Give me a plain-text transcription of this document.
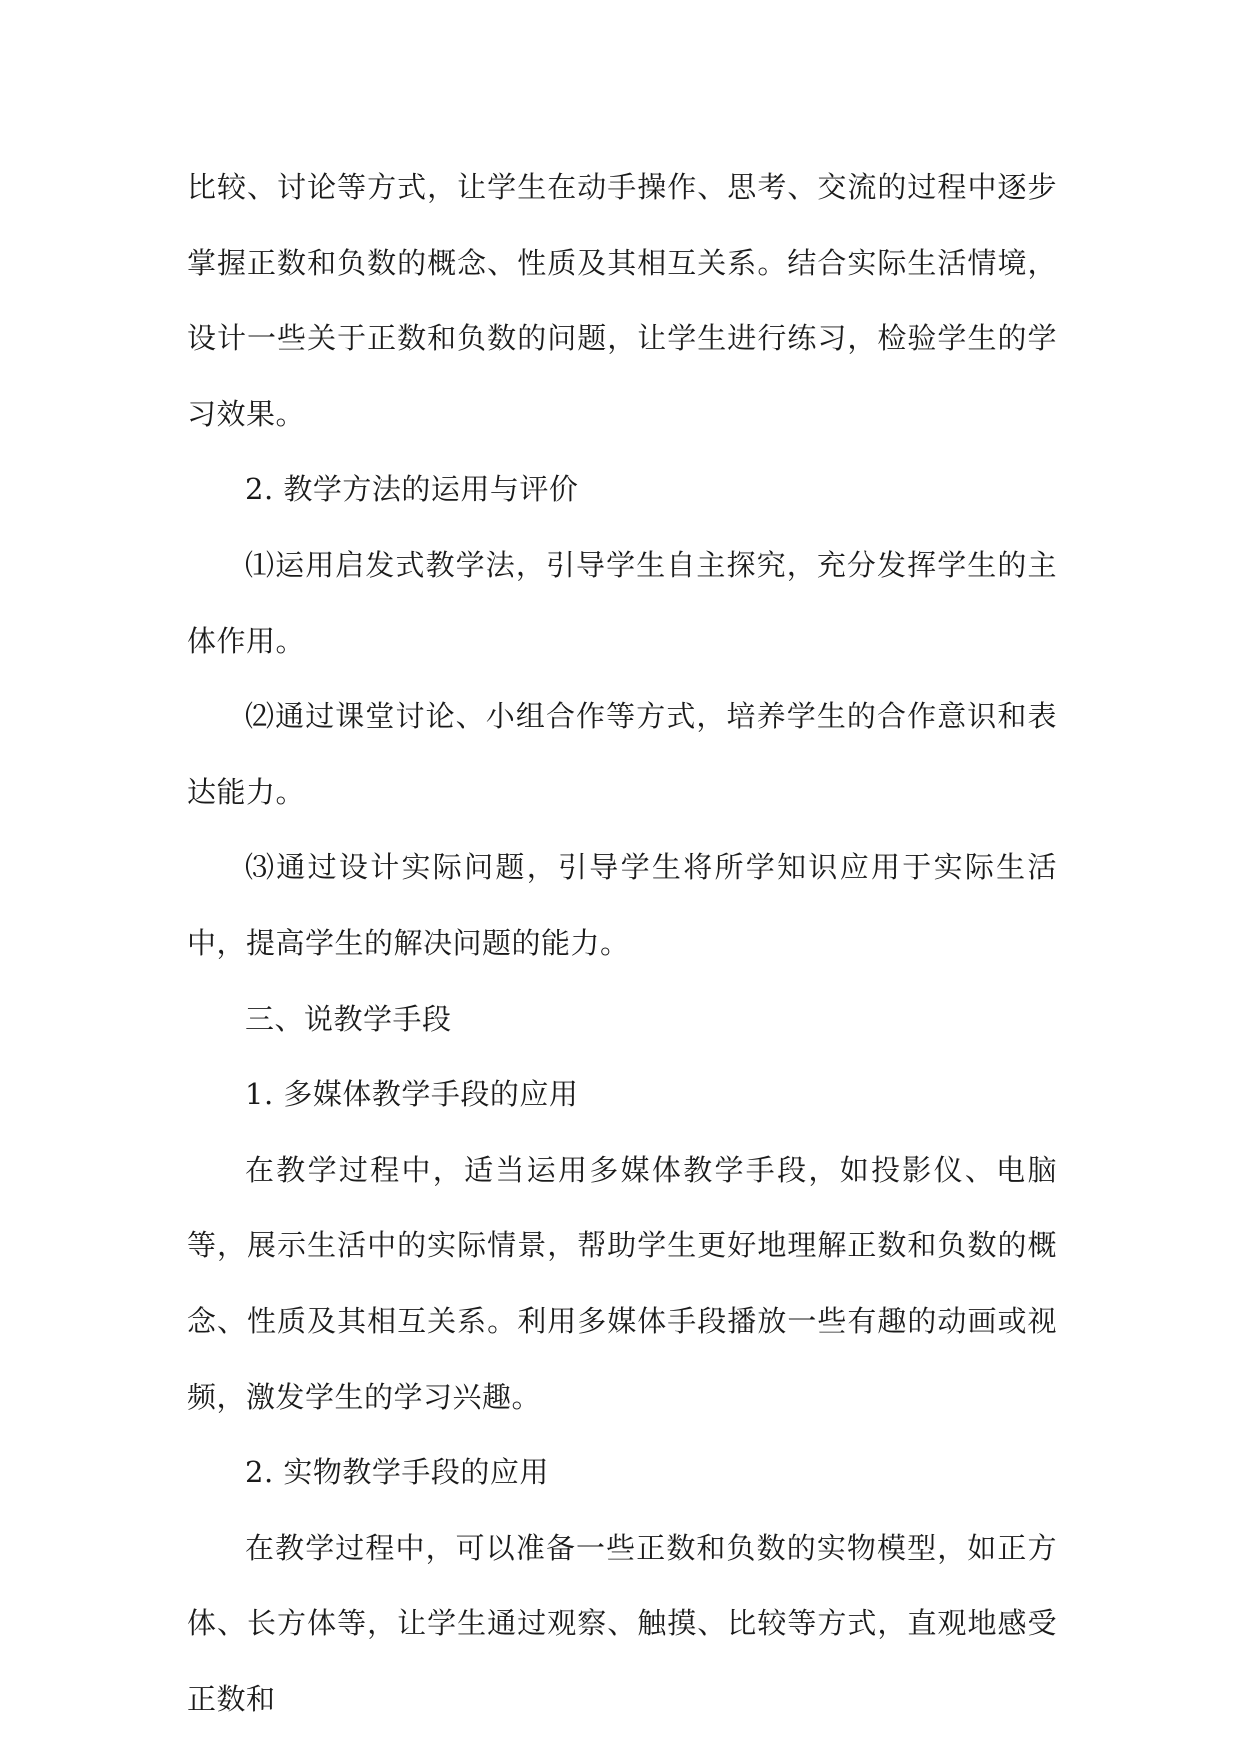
比较、讨论等方式，让学生在动手操作、思考、交流的过程中逐步掌握正数和负数的概念、性质及其相互关系。结合实际生活情境，设计一些关于正数和负数的问题，让学生进行练习，检验学生的学习效果。

2. 教学方法的运用与评价

⑴运用启发式教学法，引导学生自主探究，充分发挥学生的主体作用。

⑵通过课堂讨论、小组合作等方式，培养学生的合作意识和表达能力。

⑶通过设计实际问题，引导学生将所学知识应用于实际生活中，提高学生的解决问题的能力。

三、说教学手段

1. 多媒体教学手段的应用

在教学过程中，适当运用多媒体教学手段，如投影仪、电脑等，展示生活中的实际情景，帮助学生更好地理解正数和负数的概念、性质及其相互关系。利用多媒体手段播放一些有趣的动画或视频，激发学生的学习兴趣。

2. 实物教学手段的应用

在教学过程中，可以准备一些正数和负数的实物模型，如正方体、长方体等，让学生通过观察、触摸、比较等方式，直观地感受正数和
